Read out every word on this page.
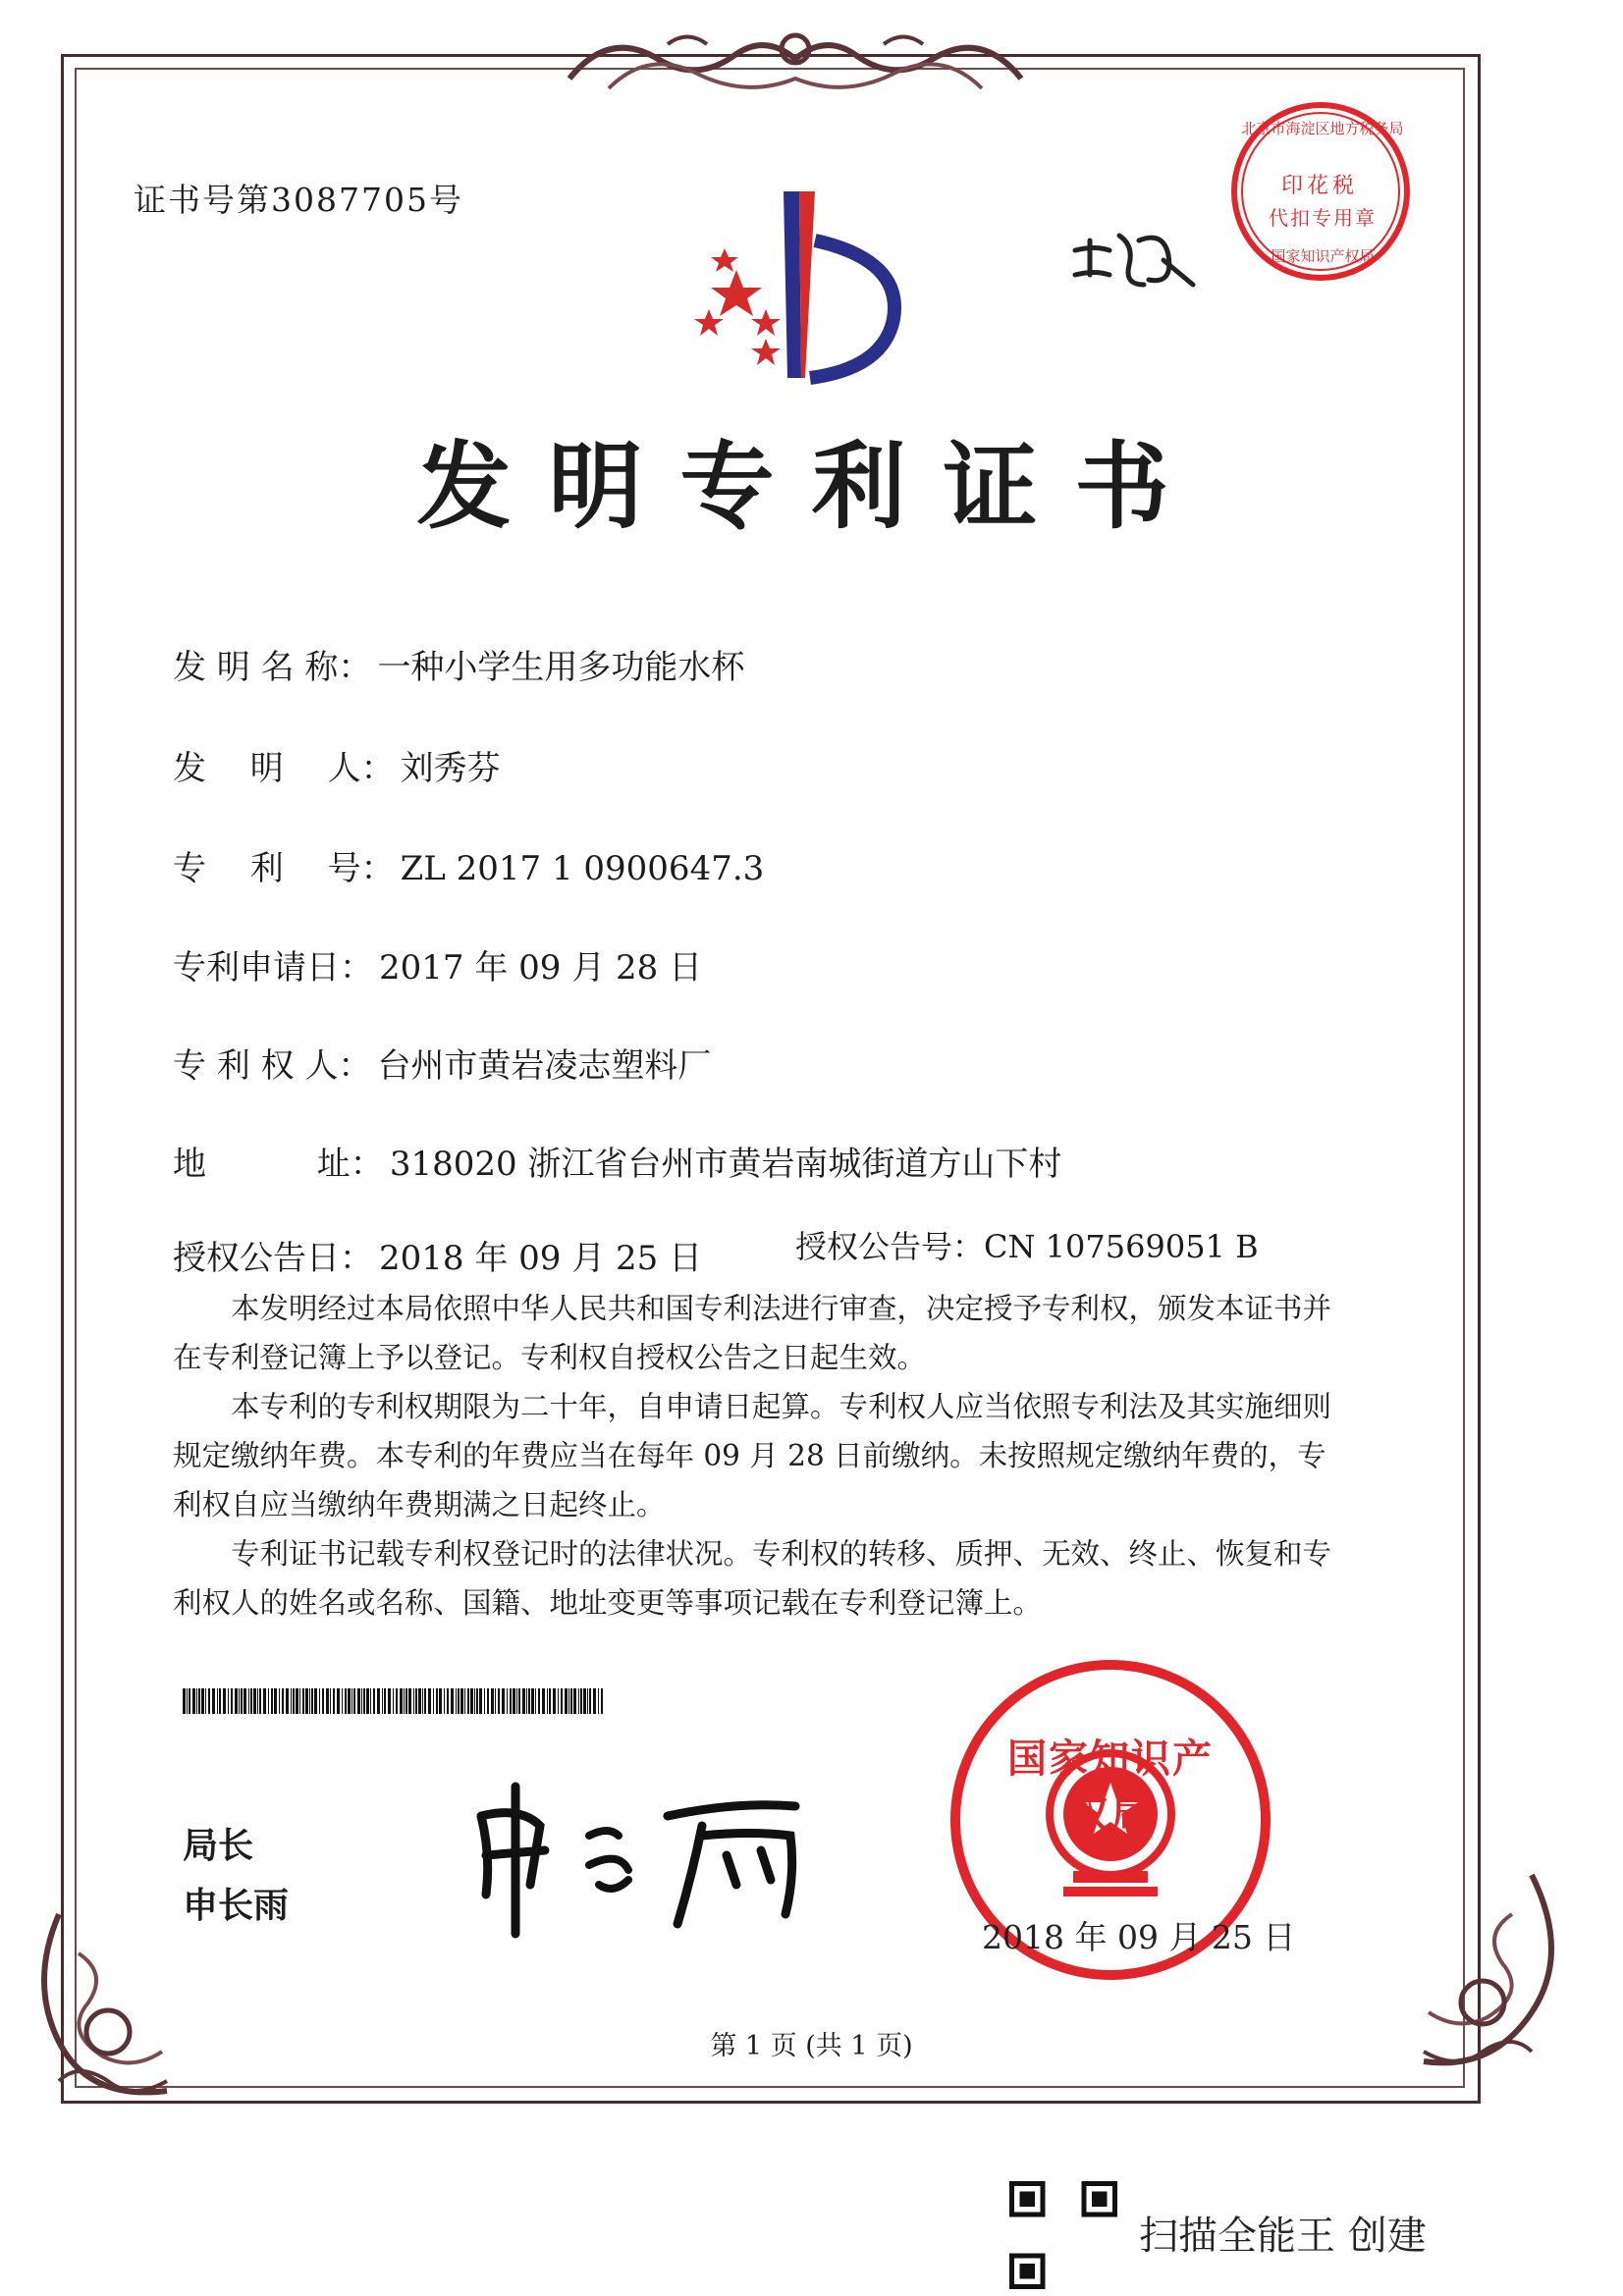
证书号第3087705号	印花税
代扣专用章
北京市海淀区地方税务局
国家知识产权局
发明专利证书
发 明 名 称： 一种小学生用多功能水杯
发　 明　 人： 刘秀芬
专　 利　 号： ZL 2017 1 0900647.3
专利申请日： 2017 年 09 月 28 日
专 利 权 人： 台州市黄岩凌志塑料厂
地　　　 址： 318020 浙江省台州市黄岩南城街道方山下村
授权公告日： 2018 年 09 月 25 日	授权公告号：CN 107569051 B

本发明经过本局依照中华人民共和国专利法进行审查，决定授予专利权，颁发本证书并在专利登记簿上予以登记。专利权自授权公告之日起生效。

本专利的专利权期限为二十年，自申请日起算。专利权人应当依照专利法及其实施细则规定缴纳年费。本专利的年费应当在每年 09 月 28 日前缴纳。未按照规定缴纳年费的，专利权自应当缴纳年费期满之日起终止。

专利证书记载专利权登记时的法律状况。专利权的转移、质押、无效、终止、恢复和专利权人的姓名或名称、国籍、地址变更等事项记载在专利登记簿上。

局长
申长雨
国家知识产权局
2018 年 09 月 25 日
第 1 页 (共 1 页)
扫描全能王 创建
